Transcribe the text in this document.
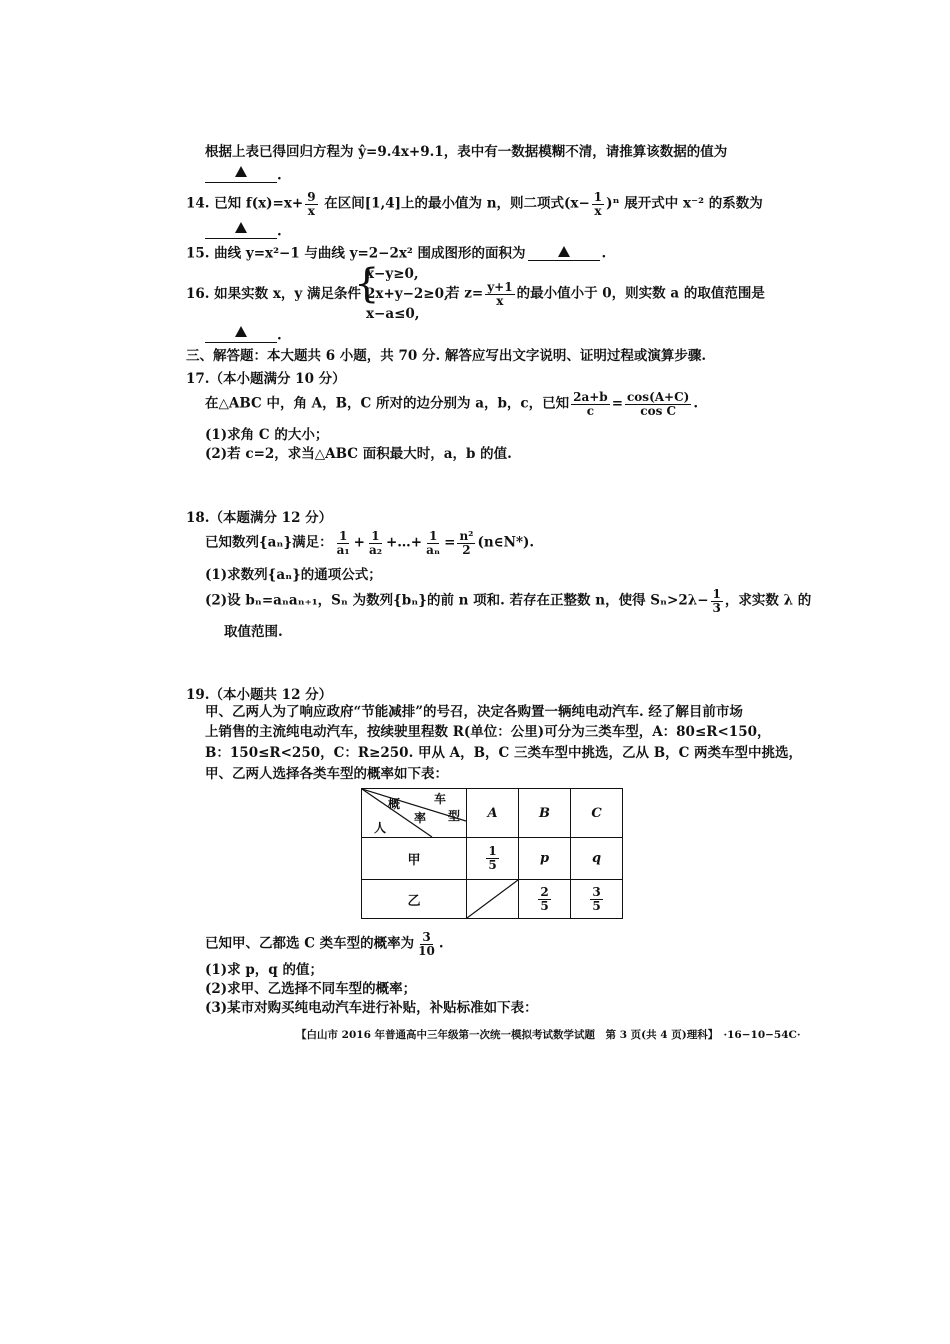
根据上表已得回归方程为 ŷ=9.4x+9.1，表中有一数据模糊不清，请推算该数据的值为
.
14. 已知 $f(x)=x+ \frac{9}{x}$ 在区间[1,4]上的最小值为 n，则二项式$(x- \frac{1}{x} )^n$ 展开式中 x⁻² 的系数为
.
15. 曲线 y=x²−1 与曲线 y=2−2x² 围成图形的面积为	.
16. 如果实数 x，y 满足条件
{
x−y≥0,
2x+y−2≥0,
x−a≤0,
若 $z= \frac{y+1}{x}$ 的最小值小于 0，则实数 a 的取值范围是
.
三、解答题：本大题共 6 小题，共 70 分. 解答应写出文字说明、证明过程或演算步骤.
17.（本小题满分 10 分）
在△ABC 中，角 A，B，C 所对的边分别为 a，b，c，已知 $\frac{2a+b}{c} = \frac{\cos(A+C)}{\text{cos C}}$ .
(1)求角 C 的大小；
(2)若 c=2，求当△ABC 面积最大时，a，b 的值.
18.（本题满分 12 分）
已知数列{aₙ}满足： $\frac{1}{\text{a₁}} + \frac{1}{\text{a₂}}$ +…+ $\frac{1}{\text{aₙ}} = \frac{\text{n²}}{2}$ (n∈N*).
(1)求数列{aₙ}的通项公式；
(2)设 bₙ=aₙaₙ₊₁，Sₙ 为数列{bₙ}的前 n 项和. 若存在正整数 n，使得 $S_n>2\lambda- \frac{1}{3}$ ，求实数 λ 的
取值范围.
19.（本小题共 12 分）
甲、乙两人为了响应政府“节能减排”的号召，决定各购置一辆纯电动汽车. 经了解目前市场
上销售的主流纯电动汽车，按续驶里程数 R(单位：公里)可分为三类车型，A：80≤R<150，
B：150≤R<250，C：R≥250. 甲从 A，B，C 三类车型中挑选，乙从 B，C 两类车型中挑选，
甲、乙两人选择各类车型的概率如下表：
车
型
概
率
人	A	B	C
甲	$\frac{1}{5}$	p	q
乙		$\frac{2}{5}$	$\frac{3}{5}$
已知甲、乙都选 C 类车型的概率为 $\frac{3}{10}$ .
(1)求 p，q 的值；
(2)求甲、乙选择不同车型的概率；
(3)某市对购买纯电动汽车进行补贴，补贴标准如下表：
【白山市 2016 年普通高中三年级第一次统一模拟考试数学试题　第 3 页(共 4 页)理科】　·16−10−54C·
